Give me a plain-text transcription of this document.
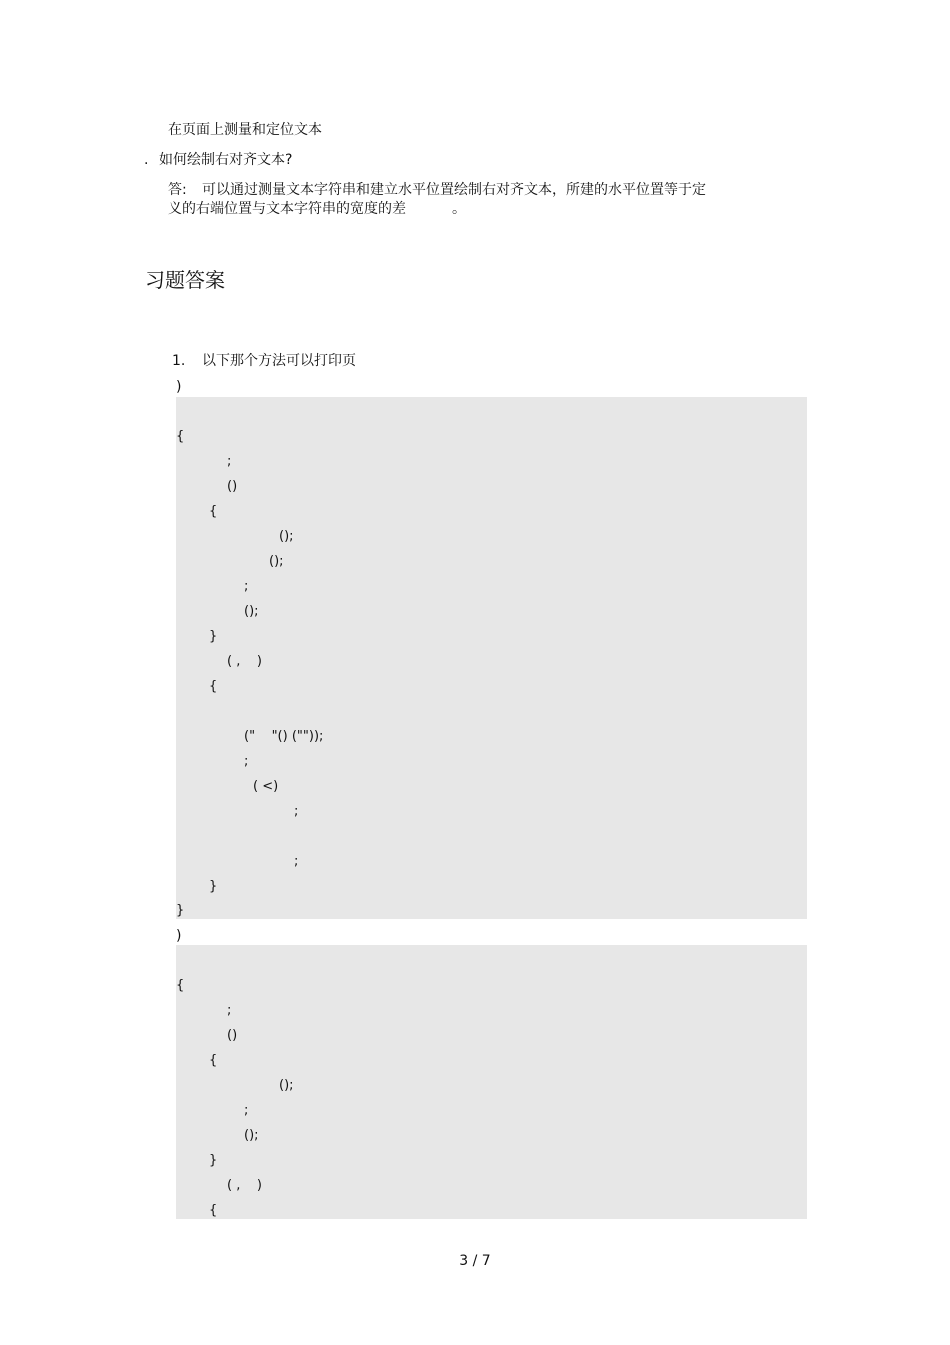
在页面上测量和定位文本
. 如何绘制右对齐文本?
答: 可以通过测量文本字符串和建立水平位置绘制右对齐文本，所建的水平位置等于定
义的右端位置与文本字符串的宽度的差	。
习题答案
1. 以下那个方法可以打印页
)
{
;
()
{
();
();
;
();
}
( ,    )
{
("    "() (""));
;
( <)
;
;
}
}
)
{
;
()
{
();
;
();
}
( ,    )
{
3 / 7
